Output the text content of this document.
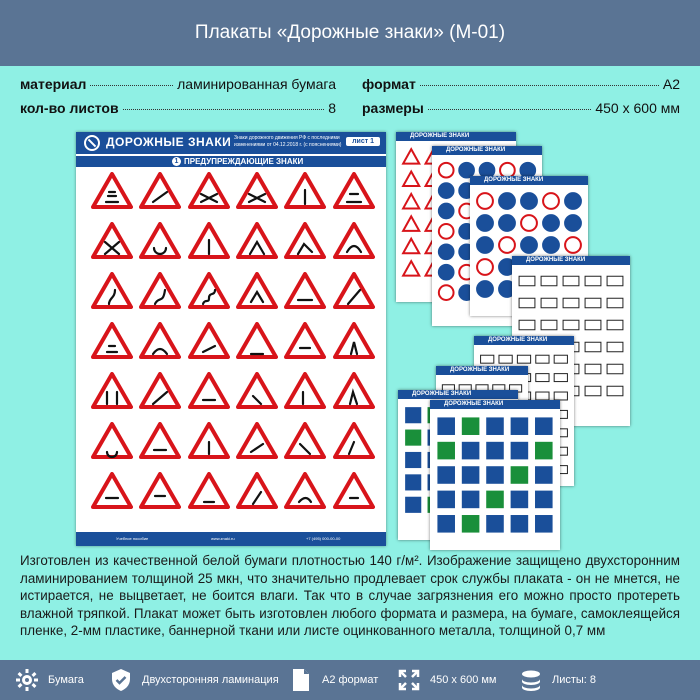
Плакаты «Дорожные знаки» (М-01)
материал	ламинированная бумага
кол-во листов	8
формат	А2
размеры	450 х 600 мм
ДОРОЖНЫЕ ЗНАКИ Знаки дорожного движения РФ с последними изменениями от 04.12.2018 г. (с пояснениями)	лист 1
1 ПРЕДУПРЕЖДАЮЩИЕ ЗНАКИ
Учебное пособие	www.znaki.ru	+7 (495) 000-00-00
ДОРОЖНЫЕ ЗНАКИ
ДОРОЖНЫЕ ЗНАКИ
ДОРОЖНЫЕ ЗНАКИ
ДОРОЖНЫЕ ЗНАКИ
ДОРОЖНЫЕ ЗНАКИ
ДОРОЖНЫЕ ЗНАКИ
ДОРОЖНЫЕ ЗНАКИ
ДОРОЖНЫЕ ЗНАКИ

Изготовлен из качественной белой бумаги плотностью 140 г/м². Изображение защищено двухсторонним ламинированием толщиной 25 мкн, что значительно продлевает срок службы плаката - он не мнется, не истирается, не выцветает, не боится влаги. Так что в случае загрязнения его можно просто протереть влажной тряпкой. Плакат может быть изготовлен любого формата и размера, на бумаге, самоклеящейся пленке, 2-мм пластике, баннерной ткани или листе оцинкованного металла, толщиной 0,7 мм

Бумага	Двухсторонняя ламинация	А2 формат	450 х 600 мм	Листы: 8
